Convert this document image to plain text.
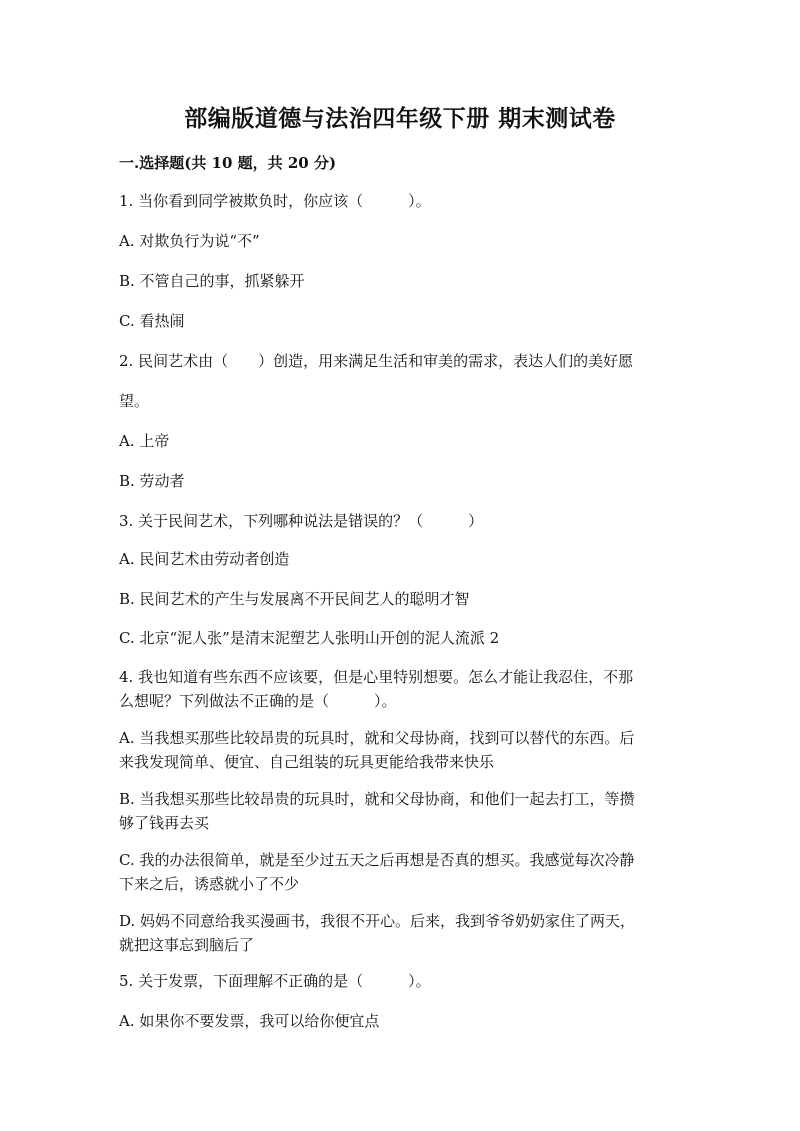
部编版道德与法治四年级下册 期末测试卷
一.选择题(共 10 题，共 20 分)
1. 当你看到同学被欺负时，你应该（　　　）。
A. 对欺负行为说“不”
B. 不管自己的事，抓紧躲开
C. 看热闹
2. 民间艺术由（　　）创造，用来满足生活和审美的需求，表达人们的美好愿
望。
A. 上帝
B. 劳动者
3. 关于民间艺术，下列哪种说法是错误的？（　　　）
A. 民间艺术由劳动者创造
B. 民间艺术的产生与发展离不开民间艺人的聪明才智
C. 北京“泥人张”是清末泥塑艺人张明山开创的泥人流派 2
4. 我也知道有些东西不应该要，但是心里特别想要。怎么才能让我忍住，不那
么想呢？下列做法不正确的是（　　　）。
A. 当我想买那些比较昂贵的玩具时，就和父母协商，找到可以替代的东西。后
来我发现简单、便宜、自己组装的玩具更能给我带来快乐
B. 当我想买那些比较昂贵的玩具时，就和父母协商，和他们一起去打工，等攒
够了钱再去买
C. 我的办法很简单，就是至少过五天之后再想是否真的想买。我感觉每次冷静
下来之后，诱惑就小了不少
D. 妈妈不同意给我买漫画书，我很不开心。后来，我到爷爷奶奶家住了两天，
就把这事忘到脑后了
5. 关于发票，下面理解不正确的是（　　　）。
A. 如果你不要发票，我可以给你便宜点
